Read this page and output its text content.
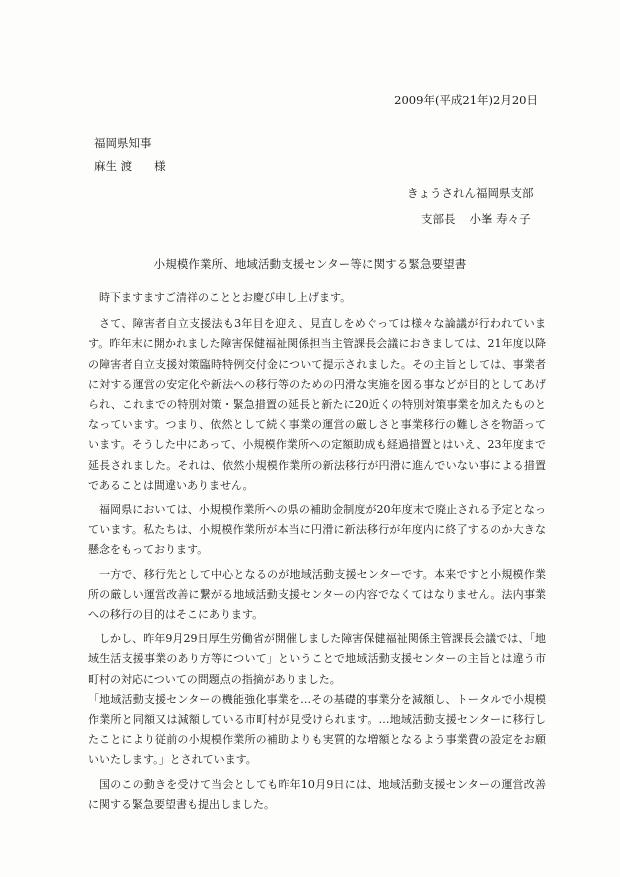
2009年(平成21年)2月20日
福岡県知事
麻生 渡 様
きょうされん福岡県支部
支部長 小峯 寿々子
小規模作業所、地域活動支援センター等に関する緊急要望書

時下ますますご清祥のこととお慶び申し上げます。

さて、障害者自立支援法も3年目を迎え、見直しをめぐっては様々な論議が行われています。昨年末に開かれました障害保健福祉関係担当主管課長会議におきましては、21年度以降の障害者自立支援対策臨時特例交付金について提示されました。その主旨としては、事業者に対する運営の安定化や新法への移行等のための円滑な実施を図る事などが目的としてあげられ、これまでの特別対策・緊急措置の延長と新たに20近くの特別対策事業を加えたものとなっています。つまり、依然として続く事業の運営の厳しさと事業移行の難しさを物語っています。そうした中にあって、小規模作業所への定額助成も経過措置とはいえ、23年度まで延長されました。それは、依然小規模作業所の新法移行が円滑に進んでいない事による措置であることは間違いありません。

福岡県においては、小規模作業所への県の補助金制度が20年度末で廃止される予定となっています。私たちは、小規模作業所が本当に円滑に新法移行が年度内に終了するのか大きな懸念をもっております。

一方で、移行先として中心となるのが地域活動支援センターです。本来ですと小規模作業所の厳しい運営改善に繋がる地域活動支援センターの内容でなくてはなりません。法内事業への移行の目的はそこにあります。

しかし、昨年9月29日厚生労働省が開催しました障害保健福祉関係主管課長会議では、「地域生活支援事業のあり方等について」ということで地域活動支援センターの主旨とは違う市町村の対応についての問題点の指摘がありました。

「地域活動支援センターの機能強化事業を…その基礎的事業分を減額し、トータルで小規模作業所と同額又は減額している市町村が見受けられます。…地域活動支援センターに移行したことにより従前の小規模作業所の補助よりも実質的な増額となるよう事業費の設定をお願いいたします。」とされています。

国のこの動きを受けて当会としても昨年10月9日には、地域活動支援センターの運営改善に関する緊急要望書も提出しました。
